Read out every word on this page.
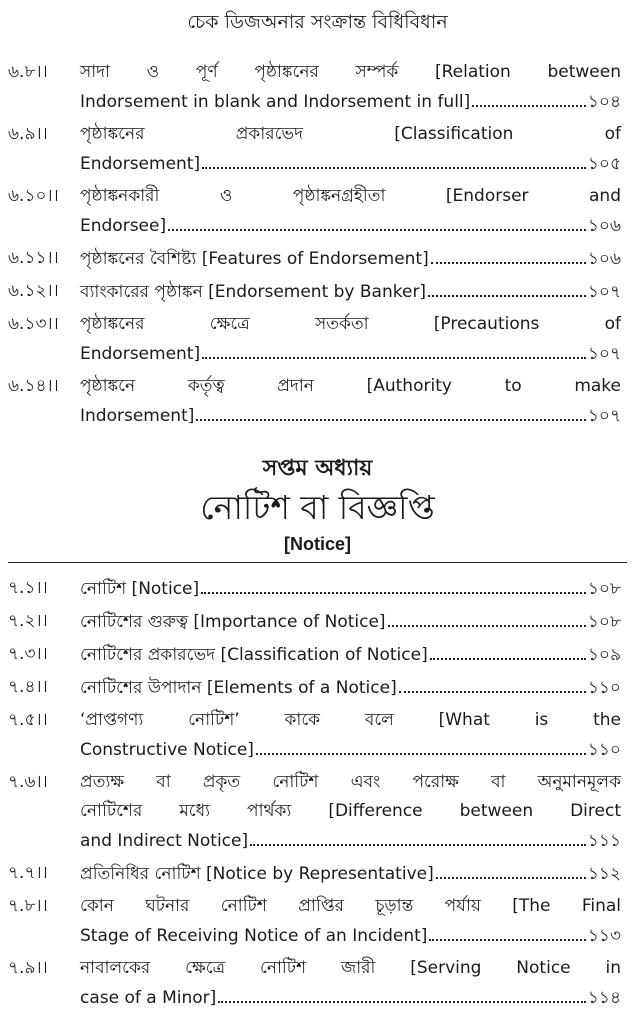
চেক ডিজঅনার সংক্রান্ত বিধিবিধান
৬.৮।।	সাদা ও পূর্ণ পৃষ্ঠাঙ্কনের সম্পর্ক [Relation between
Indorsement in blank and Indorsement in full]	১০৪
৬.৯।।	পৃষ্ঠাঙ্কনের প্রকারভেদ [Classification of
Endorsement]	১০৫
৬.১০।।	পৃষ্ঠাঙ্কনকারী ও পৃষ্ঠাঙ্কনগ্রহীতা [Endorser and
Endorsee]	১০৬
৬.১১।।	পৃষ্ঠাঙ্কনের বৈশিষ্ট্য [Features of Endorsement]	১০৬
৬.১২।।	ব্যাংকারের পৃষ্ঠাঙ্কন [Endorsement by Banker]	১০৭
৬.১৩।।	পৃষ্ঠাঙ্কনের ক্ষেত্রে সতর্কতা [Precautions of
Endorsement]	১০৭
৬.১৪।।	পৃষ্ঠাঙ্কনে কর্তৃত্ব প্রদান [Authority to make
Indorsement]	১০৭
সপ্তম অধ্যায়
নোটিশ বা বিজ্ঞপ্তি
[Notice]
৭.১।।	নোটিশ [Notice]	১০৮
৭.২।।	নোটিশের গুরুত্ব [Importance of Notice]	১০৮
৭.৩।।	নোটিশের প্রকারভেদ [Classification of Notice]	১০৯
৭.৪।।	নোটিশের উপাদান [Elements of a Notice]	১১০
৭.৫।।	‘প্রাপ্তগণ্য নোটিশ’ কাকে বলে [What is the
Constructive Notice]	১১০
৭.৬।।	প্রত্যক্ষ বা প্রকৃত নোটিশ এবং পরোক্ষ বা অনুমানমূলক
নোটিশের মধ্যে পার্থক্য [Difference between Direct
and Indirect Notice]	১১১
৭.৭।।	প্রতিনিধির নোটিশ [Notice by Representative]	১১২
৭.৮।।	কোন ঘটনার নোটিশ প্রাপ্তির চূড়ান্ত পর্যায় [The Final
Stage of Receiving Notice of an Incident]	১১৩
৭.৯।।	নাবালকের ক্ষেত্রে নোটিশ জারী [Serving Notice in
case of a Minor]	১১৪
